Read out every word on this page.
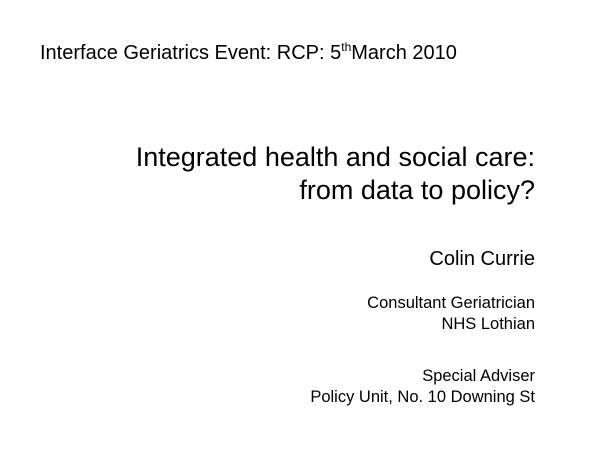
Interface Geriatrics Event: RCP: 5thMarch 2010
Integrated health and social care:
from data to policy?
Colin Currie
Consultant Geriatrician
NHS Lothian
Special Adviser
Policy Unit, No. 10 Downing St
